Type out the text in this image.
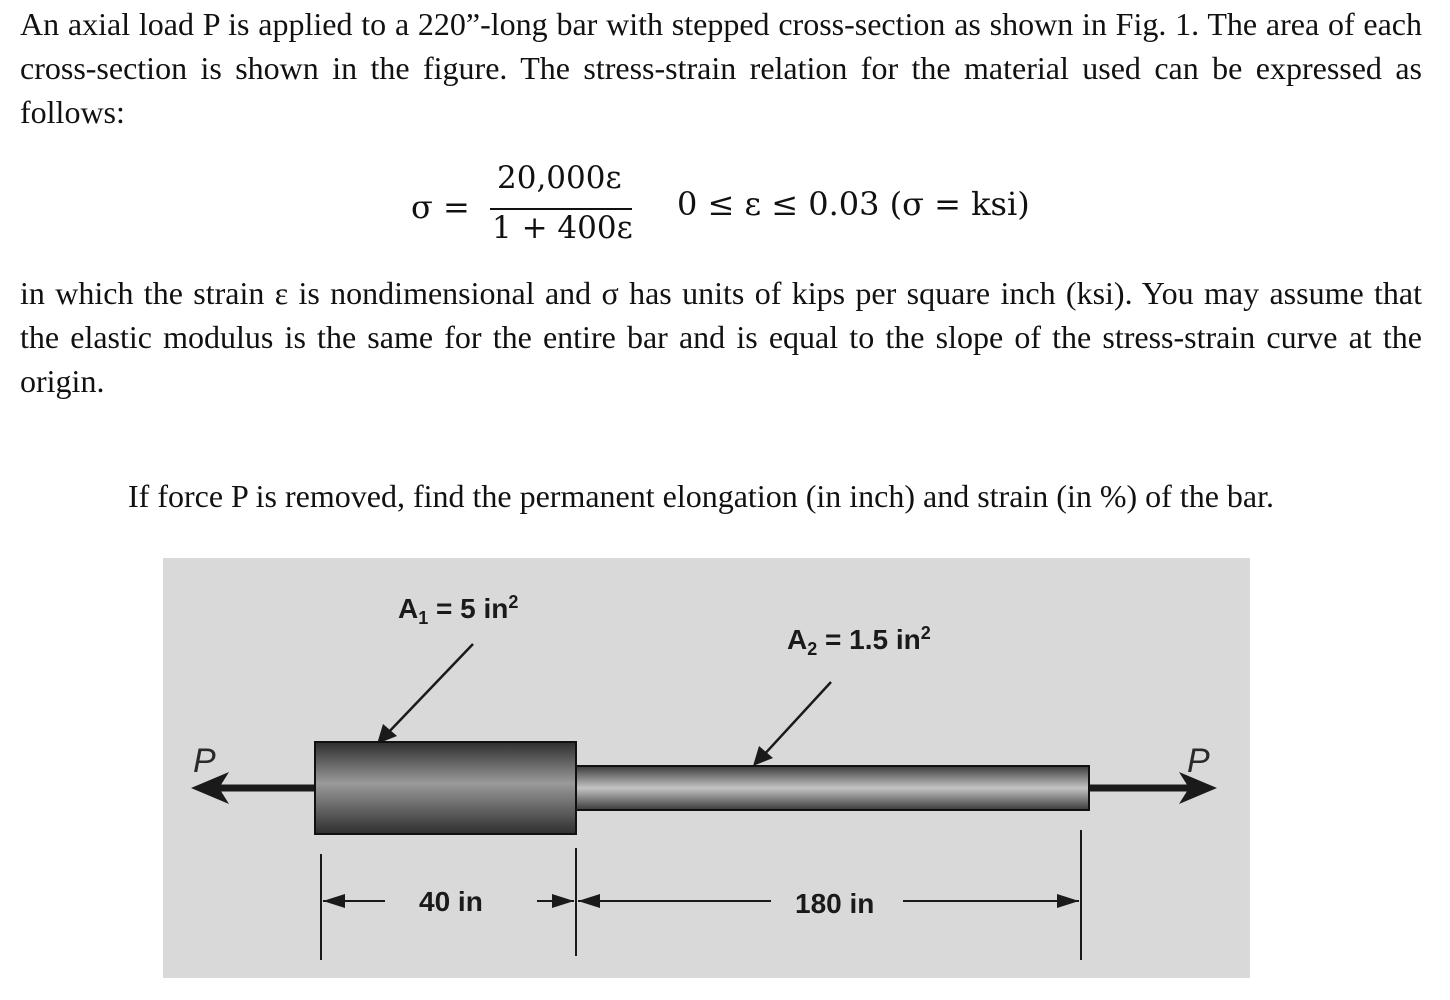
An axial load P is applied to a 220”-long bar with stepped cross-section as shown in Fig. 1. The area of each cross-section is shown in the figure. The stress-strain relation for the material used can be expressed as follows:

σ =
20,000ε
1 + 400ε
0 ≤ ε ≤ 0.03 (σ = ksi)

in which the strain ε is nondimensional and σ has units of kips per square inch (ksi). You may assume that the elastic modulus is the same for the entire bar and is equal to the slope of the stress-strain curve at the origin.

If force P is removed, find the permanent elongation (in inch) and strain (in %) of the bar.

$A_1 = 5$ $in^2$
$A_2 = 1.5$ $in^2$
P	P
40 in	180 in
